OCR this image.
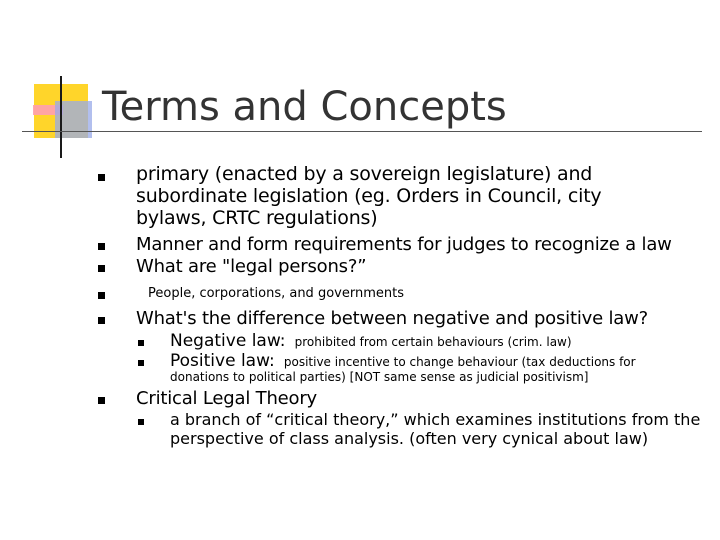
Terms and Concepts
primary (enacted by a sovereign legislature) and
subordinate legislation (eg. Orders in Council, city
bylaws, CRTC regulations)
Manner and form requirements for judges to recognize a law
What are "legal persons?”
People, corporations, and governments
What's the difference between negative and positive law?
Negative law: prohibited from certain behaviours (crim. law)
Positive law: positive incentive to change behaviour (tax deductions for
donations to political parties) [NOT same sense as judicial positivism]
Critical Legal Theory
a branch of “critical theory,” which examines institutions from the
perspective of class analysis. (often very cynical about law)
